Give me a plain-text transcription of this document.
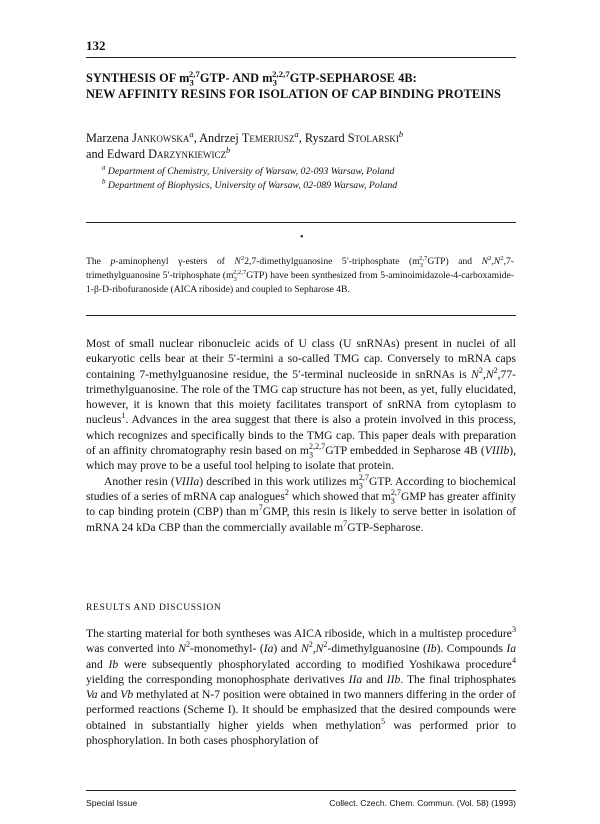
132
SYNTHESIS OF $m_3^{2,7}GTP-$ AND $m_3^{2,2,7}GTP$-SEPHAROSE 4B:
NEW AFFINITY RESINS FOR ISOLATION OF CAP BINDING PROTEINS
Marzena Jankowska$^a$, Andrzej Temeriusz$^a$, Ryszard Stolarski$^b$
and Edward Darzynkiewicz$^b$
$^a$ Department of Chemistry, University of Warsaw, 02-093 Warsaw, Poland
$^b$ Department of Biophysics, University of Warsaw, 02-089 Warsaw, Poland
•
The p-aminophenyl γ-esters of $N^22,7$-dimethylguanosine 5′-triphosphate $(m_3^{2,7}GTP)$ and $N^2,N^2,7$-trimethylguanosine 5′-triphosphate $(m_3^{2,2,7}GTP)$ have been synthesized from 5-aminoimidazole-4-carboxamide-1-β-D-ribofuranoside (AICA riboside) and coupled to Sepharose 4B.

Most of small nuclear ribonucleic acids of U class (U snRNAs) present in nuclei of all eukaryotic cells bear at their 5′-termini a so-called TMG cap. Conversely to mRNA caps containing 7-methylguanosine residue, the 5′-terminal nucleoside in snRNAs is $N^2,N^2,77$-trimethylguanosine. The role of the TMG cap structure has not been, as yet, fully elucidated, however, it is known that this moiety facilitates transport of snRNA from cytoplasm to nucleus$^1$. Advances in the area suggest that there is also a protein involved in this process, which recognizes and specifically binds to the TMG cap. This paper deals with preparation of an affinity chromatography resin based on $m_3^{2,2,7}GTP$ embedded in Sepharose 4B (VIIIb), which may prove to be a useful tool helping to isolate that protein.

Another resin (VIIIa) described in this work utilizes $m_3^{2,7}GTP$. According to biochemical studies of a series of mRNA cap analogues$^2$ which showed that $m_3^{2,7}GMP$ has greater affinity to cap binding protein (CBP) than $m^7GMP$, this resin is likely to serve better in isolation of mRNA 24 kDa CBP than the commercially available $m^7GTP$-Sepharose.

RESULTS AND DISCUSSION

The starting material for both syntheses was AICA riboside, which in a multistep procedure$^3$ was converted into $N^2-monomethyl-$ (Ia) and $N^2,N^2$-dimethylguanosine (Ib). Compounds Ia and Ib were subsequently phosphorylated according to modified Yoshikawa procedure$^4$ yielding the corresponding monophosphate derivatives IIa and IIb. The final triphosphates Va and Vb methylated at N-7 position were obtained in two manners differing in the order of performed reactions (Scheme I). It should be emphasized that the desired compounds were obtained in substantially higher yields when methylation$^5$ was performed prior to phosphorylation. In both cases phosphorylation of

Special Issue	Collect. Czech. Chem. Commun. (Vol. 58) (1993)
